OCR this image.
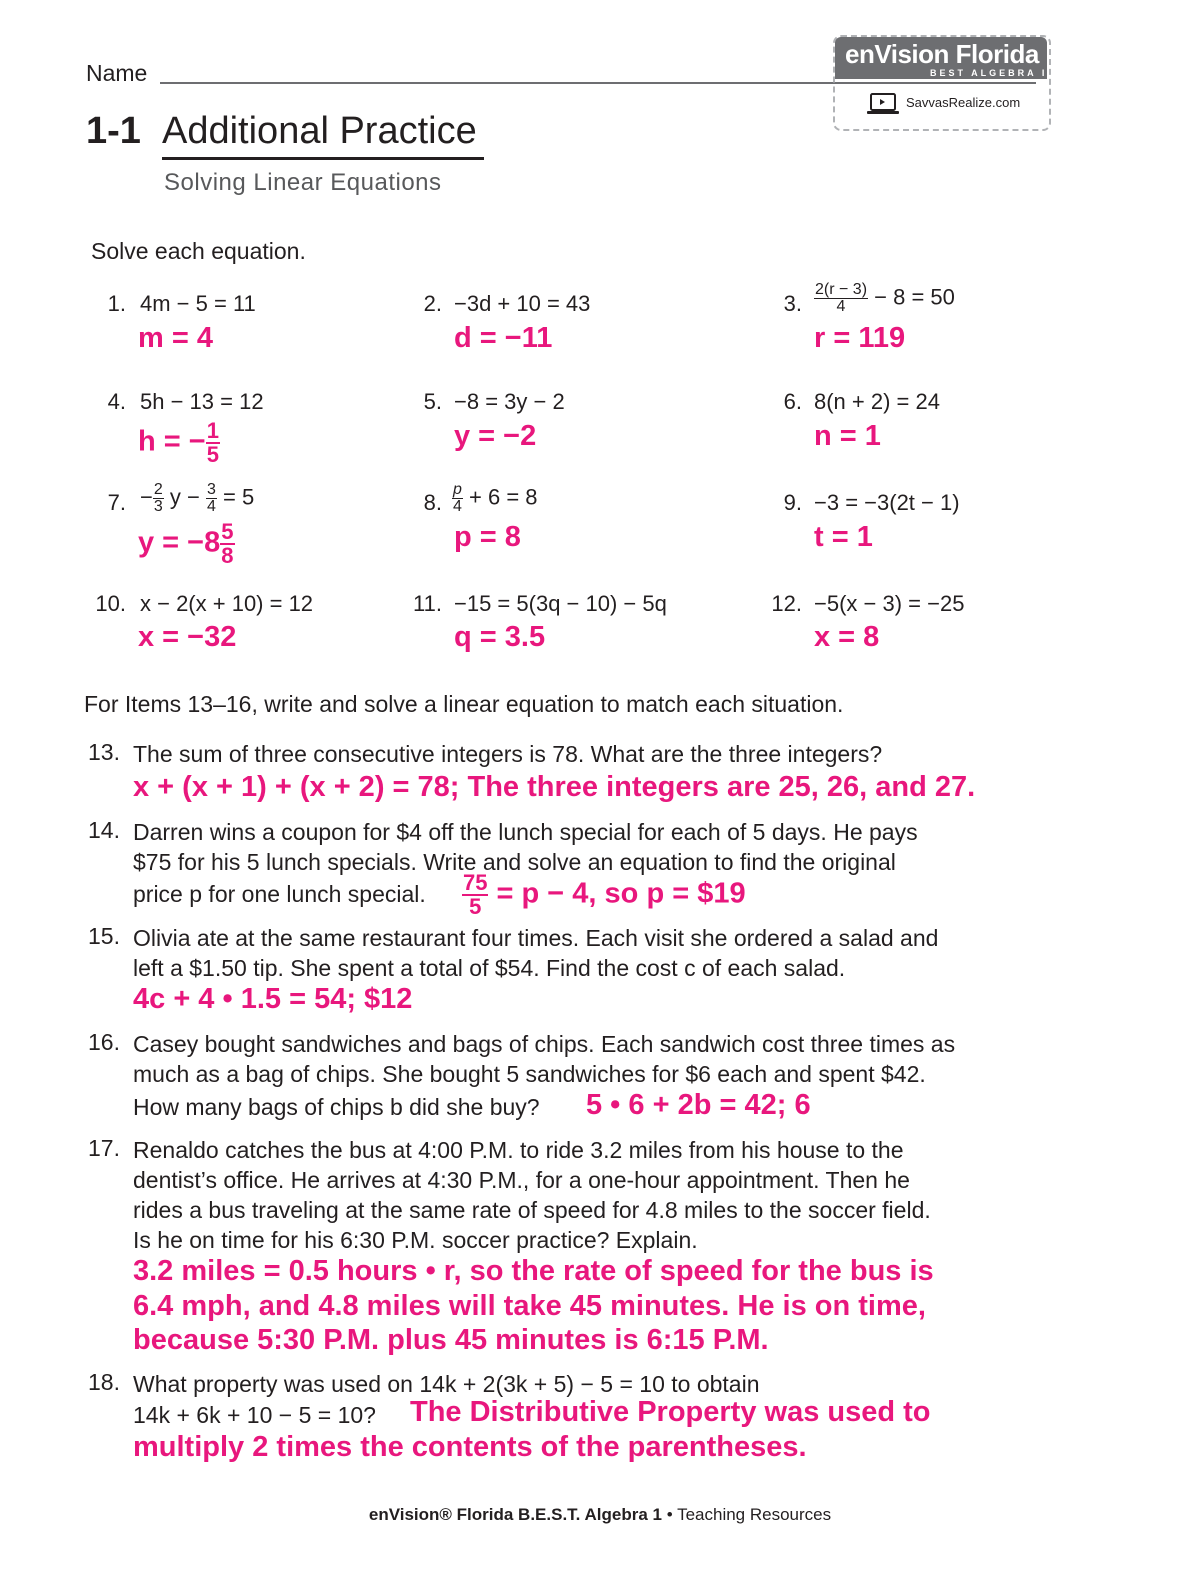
Name
1-1 Additional Practice
Solving Linear Equations
enVision Florida
BEST ALGEBRA I
SavvasRealize.com
Solve each equation.
1. 4m − 5 = 11
m = 4
2. −3d + 10 = 43
d = −11
3. $\frac{2(r - 3)}{4} - 8 = 50$
r = 119
4. 5h − 13 = 12
h = − $\frac{1}{5}$
5. −8 = 3y − 2
y = −2
6. 8(n + 2) = 24
n = 1
7. − $\frac{2}{3}$ $y - \frac{3}{4} = 5$
$y = -8 \frac{5}{8}$
8. $\frac{p}{4} + 6 = 8$
p = 8
9. −3 = −3(2t − 1)
t = 1
10. x − 2(x + 10) = 12
x = −32
11. −15 = 5(3q − 10) − 5q
q = 3.5
12. −5(x − 3) = −25
x = 8
For Items 13–16, write and solve a linear equation to match each situation.
13. The sum of three consecutive integers is 78. What are the three integers?
x + (x + 1) + (x + 2) = 78; The three integers are 25, 26, and 27.
14. Darren wins a coupon for $4 off the lunch special for each of 5 days. He pays
$75 for his 5 lunch specials. Write and solve an equation to find the original
price p for one lunch special. $\frac{75}{5} = p - 4$, so p = $19
15. Olivia ate at the same restaurant four times. Each visit she ordered a salad and
left a $1.50 tip. She spent a total of $54. Find the cost c of each salad.
4c + 4 • 1.5 = 54; $12
16. Casey bought sandwiches and bags of chips. Each sandwich cost three times as
much as a bag of chips. She bought 5 sandwiches for $6 each and spent $42.
How many bags of chips b did she buy? 5 • 6 + 2b = 42; 6
17. Renaldo catches the bus at 4:00 P.M. to ride 3.2 miles from his house to the
dentist’s office. He arrives at 4:30 P.M., for a one-hour appointment. Then he
rides a bus traveling at the same rate of speed for 4.8 miles to the soccer field.
Is he on time for his 6:30 P.M. soccer practice? Explain.
3.2 miles = 0.5 hours • r, so the rate of speed for the bus is
6.4 mph, and 4.8 miles will take 45 minutes. He is on time,
because 5:30 P.M. plus 45 minutes is 6:15 P.M.
18. What property was used on 14k + 2(3k + 5) − 5 = 10 to obtain
14k + 6k + 10 − 5 = 10? The Distributive Property was used to
multiply 2 times the contents of the parentheses.
enVision® Florida B.E.S.T. Algebra 1 • Teaching Resources
